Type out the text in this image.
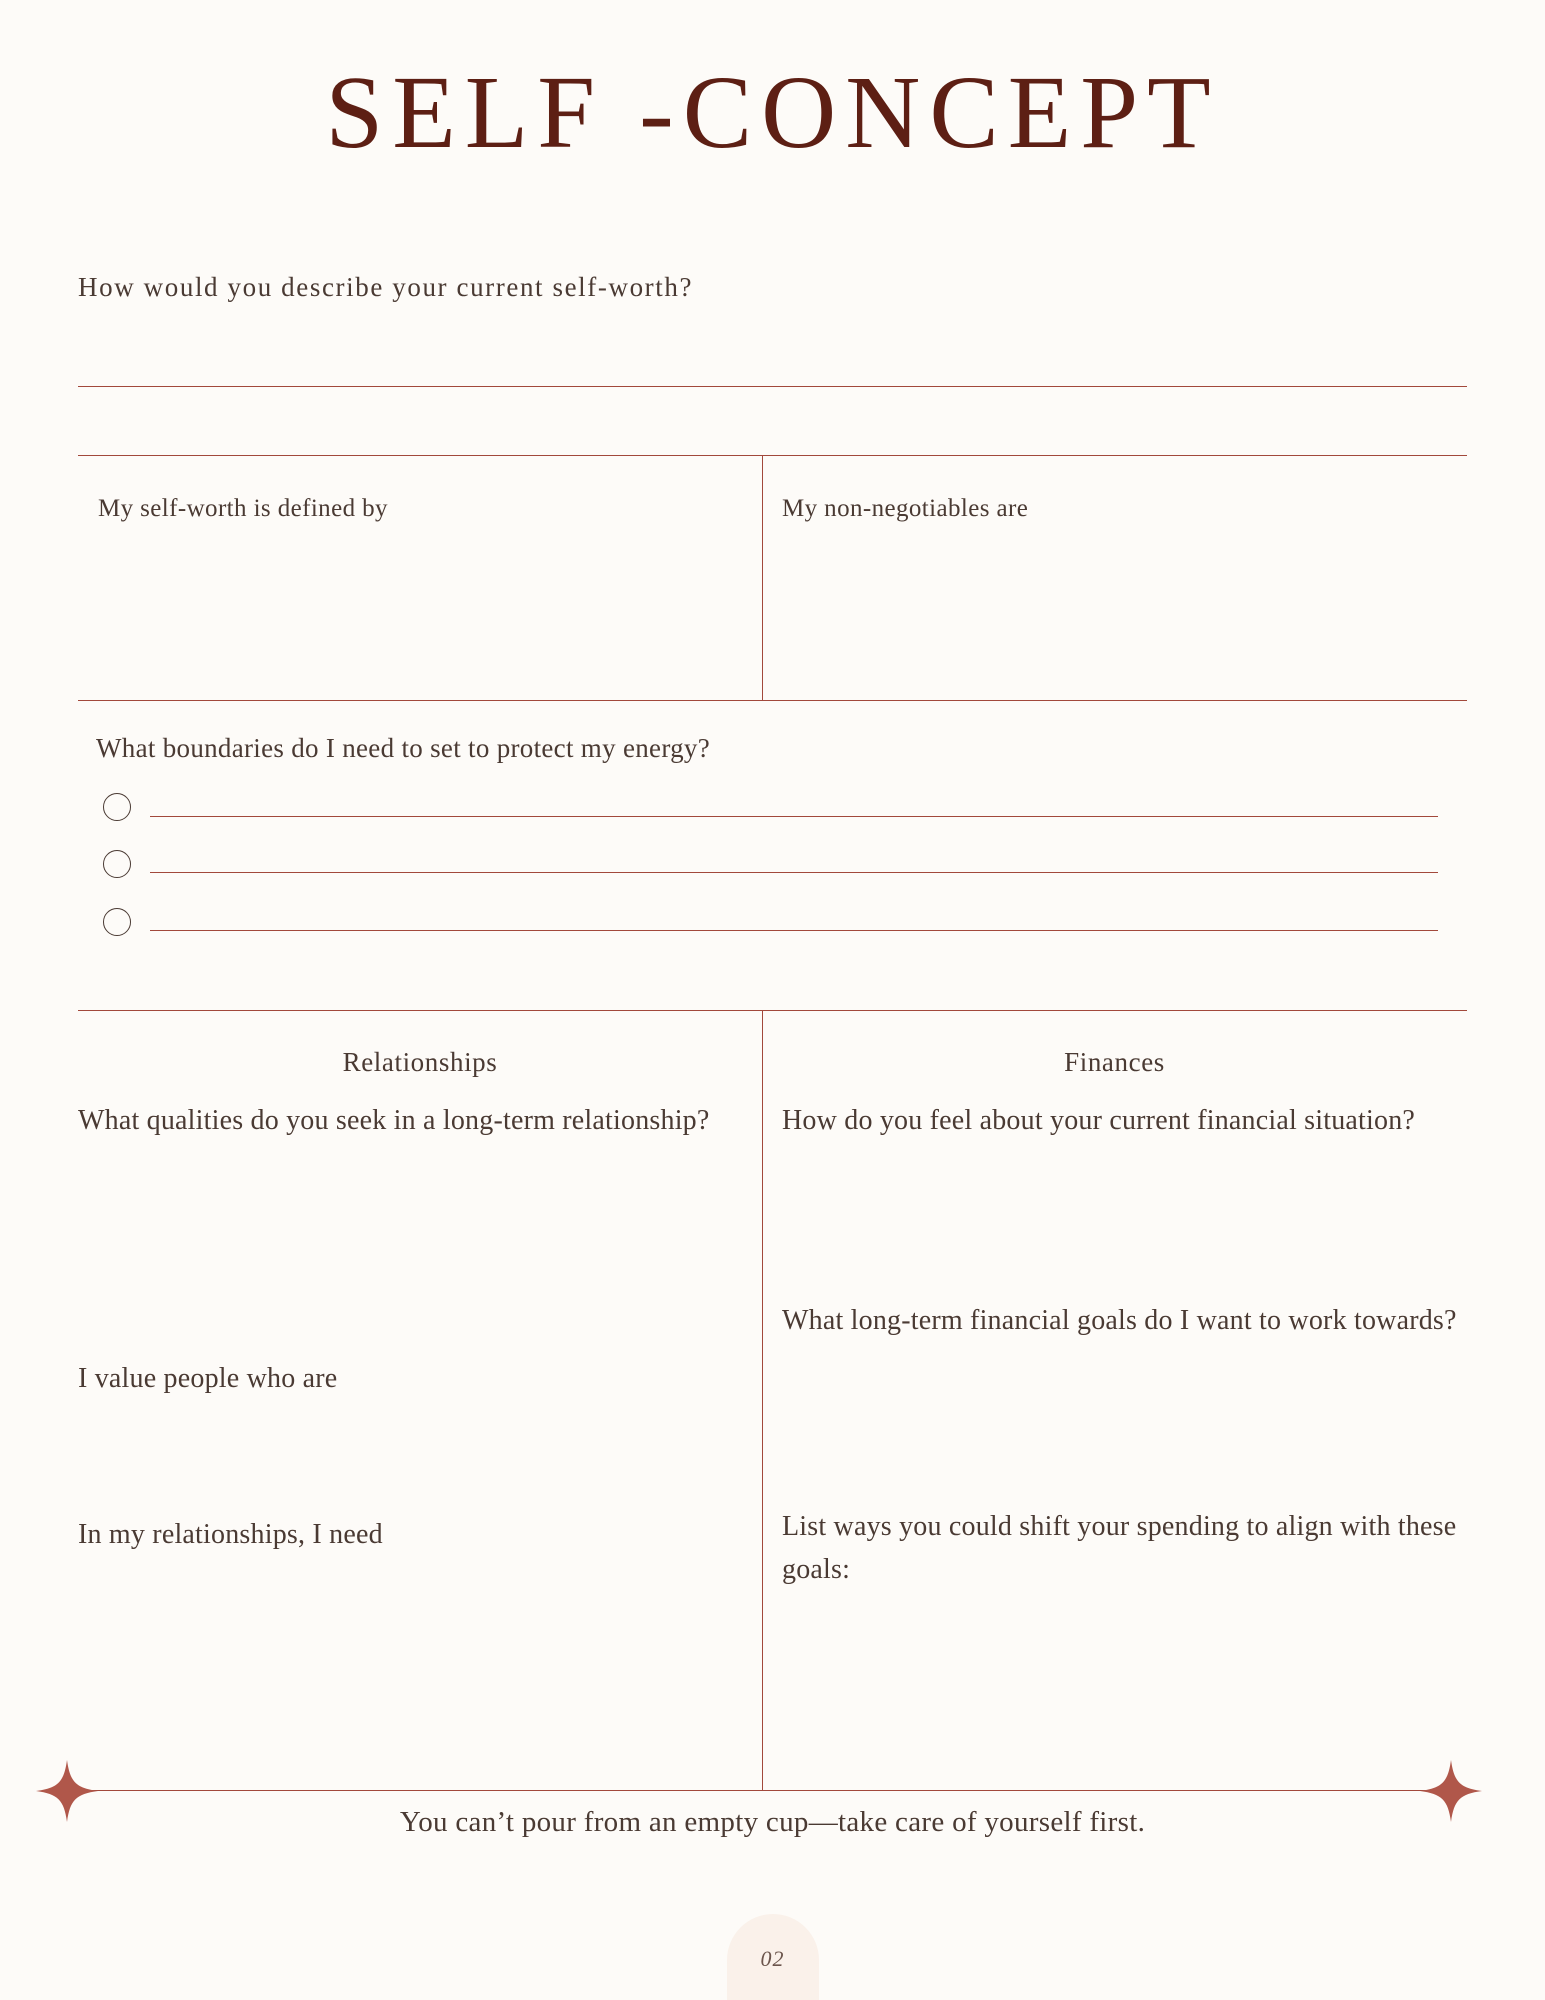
SELF -CONCEPT
How would you describe your current self-worth?
My self-worth is defined by	My non-negotiables are
What boundaries do I need to set to protect my energy?
Relationships	Finances
What qualities do you seek in a long-term relationship?
I value people who are
In my relationships, I need
How do you feel about your current financial situation?
What long-term financial goals do I want to work towards?
List ways you could shift your spending to align with these goals:
You can’t pour from an empty cup—take care of yourself first.
02
